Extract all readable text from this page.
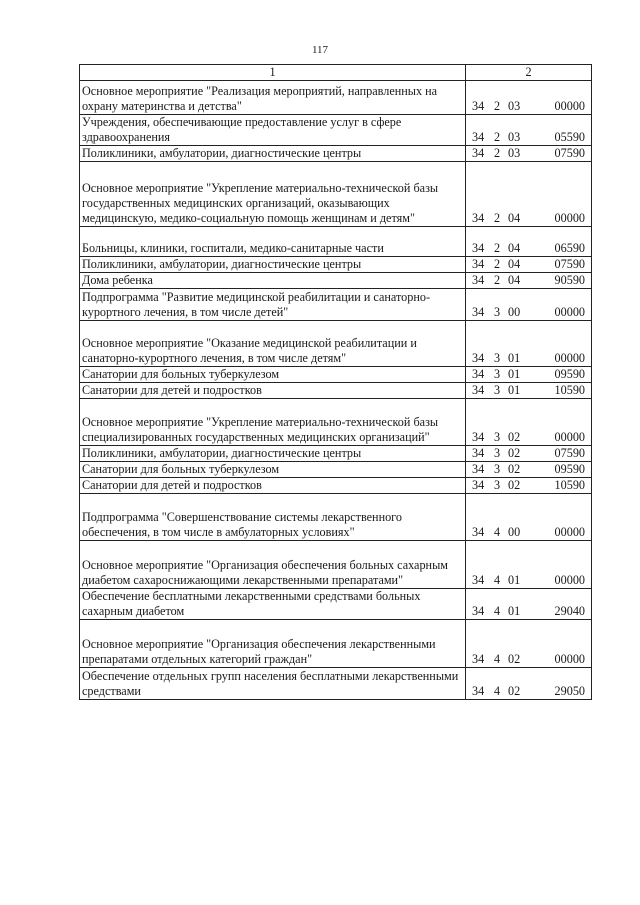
117
1	2
Основное мероприятие "Реализация мероприятий, направленных на охрану материнства и детства"	34 2 03 00000

Учреждения, обеспечивающие предоставление услуг в сфере здравоохранения	34 2 03 05590

Поликлиники, амбулатории, диагностические центры	34 2 03 07590

Основное мероприятие "Укрепление материально-технической базы государственных медицинских организаций, оказывающих медицинскую, медико-социальную помощь женщинам и детям"	34 2 04 00000

Больницы, клиники, госпитали, медико-санитарные части	34 2 04 06590

Поликлиники, амбулатории, диагностические центры	34 2 04 07590

Дома ребенка	34 2 04 90590

Подпрограмма "Развитие медицинской реабилитации и санаторно-курортного лечения, в том числе детей"	34 3 00 00000

Основное мероприятие "Оказание медицинской реабилитации и санаторно-курортного лечения, в том числе детям"	34 3 01 00000

Санатории для больных туберкулезом	34 3 01 09590

Санатории для детей и подростков	34 3 01 10590

Основное мероприятие "Укрепление материально-технической базы специализированных государственных медицинских организаций"	34 3 02 00000

Поликлиники, амбулатории, диагностические центры	34 3 02 07590

Санатории для больных туберкулезом	34 3 02 09590

Санатории для детей и подростков	34 3 02 10590

Подпрограмма "Совершенствование системы лекарственного обеспечения, в том числе в амбулаторных условиях"	34 4 00 00000

Основное мероприятие "Организация обеспечения больных сахарным диабетом сахароснижающими лекарственными препаратами"	34 4 01 00000

Обеспечение бесплатными лекарственными средствами больных сахарным диабетом	34 4 01 29040

Основное мероприятие "Организация обеспечения лекарственными препаратами отдельных категорий граждан"	34 4 02 00000

Обеспечение отдельных групп населения бесплатными лекарственными средствами	34 4 02 29050
